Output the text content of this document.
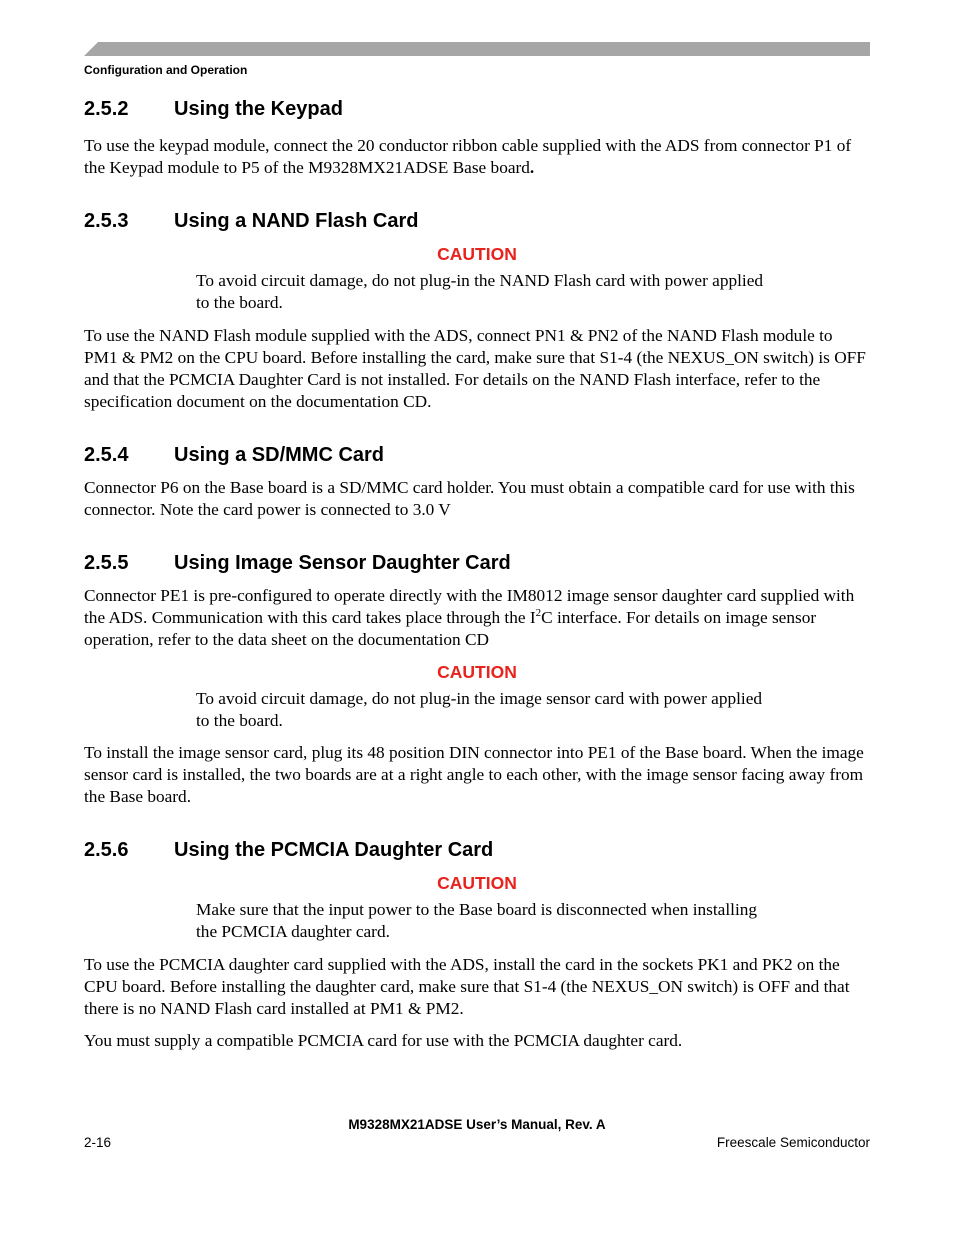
Configuration and Operation
2.5.2 Using the Keypad

To use the keypad module, connect the 20 conductor ribbon cable supplied with the ADS from connector P1 of the Keypad module to P5 of the M9328MX21ADSE Base board.

2.5.3 Using a NAND Flash Card
CAUTION

To avoid circuit damage, do not plug-in the NAND Flash card with power applied to the board.

To use the NAND Flash module supplied with the ADS, connect PN1 & PN2 of the NAND Flash module to PM1 & PM2 on the CPU board. Before installing the card, make sure that S1-4 (the NEXUS_ON switch) is OFF and that the PCMCIA Daughter Card is not installed. For details on the NAND Flash interface, refer to the specification document on the documentation CD.

2.5.4 Using a SD/MMC Card

Connector P6 on the Base board is a SD/MMC card holder. You must obtain a compatible card for use with this connector. Note the card power is connected to 3.0 V

2.5.5 Using Image Sensor Daughter Card

Connector PE1 is pre-configured to operate directly with the IM8012 image sensor daughter card supplied with the ADS. Communication with this card takes place through the $I^2C$ interface. For details on image sensor operation, refer to the data sheet on the documentation CD

CAUTION

To avoid circuit damage, do not plug-in the image sensor card with power applied to the board.

To install the image sensor card, plug its 48 position DIN connector into PE1 of the Base board. When the image sensor card is installed, the two boards are at a right angle to each other, with the image sensor facing away from the Base board.

2.5.6 Using the PCMCIA Daughter Card
CAUTION

Make sure that the input power to the Base board is disconnected when installing the PCMCIA daughter card.

To use the PCMCIA daughter card supplied with the ADS, install the card in the sockets PK1 and PK2 on the CPU board. Before installing the daughter card, make sure that S1-4 (the NEXUS_ON switch) is OFF and that there is no NAND Flash card installed at PM1 & PM2.

You must supply a compatible PCMCIA card for use with the PCMCIA daughter card.

M9328MX21ADSE User’s Manual, Rev. A
2-16	Freescale Semiconductor
